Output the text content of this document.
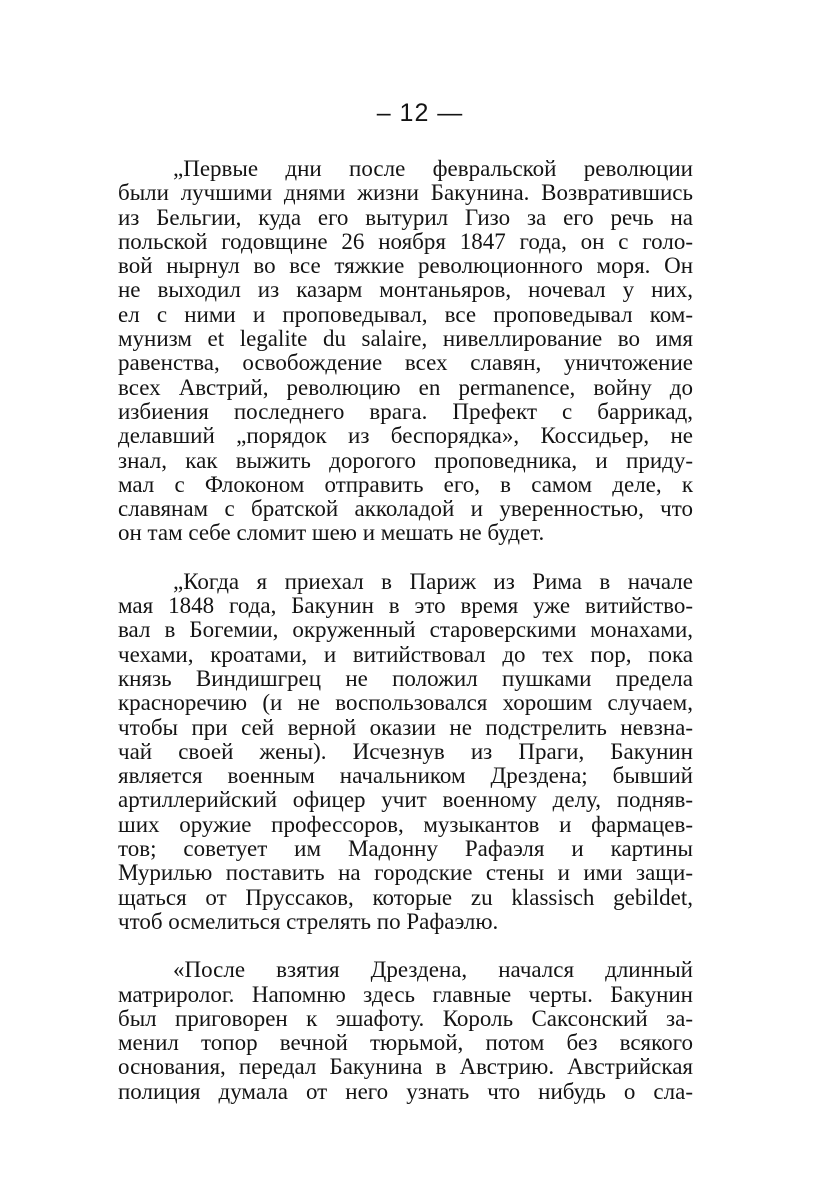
– 12 —
„Первые дни после февральской революции
были лучшими днями жизни Бакунина. Возвратившись
из Бельгии, куда его вытурил Гизо за его речь на
польской годовщине 26 ноября 1847 года, он с голо-
вой нырнул во все тяжкие революционного моря. Он
не выходил из казарм монтаньяров, ночевал у них,
ел с ними и проповедывал, все проповедывал ком-
мунизм et legalite du salaire, нивеллирование во имя
равенства, освобождение всех славян, уничтожение
всех Австрий, революцию en permanence, войну до
избиения последнего врага. Префект с баррикад,
делавший „порядок из беспорядка», Коссидьер, не
знал, как выжить дорогого проповедника, и приду-
мал с Флоконом отправить его, в самом деле, к
славянам с братской акколадой и уверенностью, что
он там себе сломит шею и мешать не будет.
„Когда я приехал в Париж из Рима в начале
мая 1848 года, Бакунин в это время уже витийство-
вал в Богемии, окруженный староверскими монахами,
чехами, кроатами, и витийствовал до тех пор, пока
князь Виндишгрец не положил пушками предела
красноречию (и не воспользовался хорошим случаем,
чтобы при сей верной оказии не подстрелить невзна-
чай своей жены). Исчезнув из Праги, Бакунин
является военным начальником Дрездена; бывший
артиллерийский офицер учит военному делу, подняв-
ших оружие профессоров, музыкантов и фармацев-
тов; советует им Мадонну Рафаэля и картины
Мурилью поставить на городские стены и ими защи-
щаться от Пруссаков, которые zu klassisch gebildet,
чтоб осмелиться стрелять по Рафаэлю.
«После взятия Дрездена, начался длинный
матриролог. Напомню здесь главные черты. Бакунин
был приговорен к эшафоту. Король Саксонский за-
менил топор вечной тюрьмой, потом без всякого
основания, передал Бакунина в Австрию. Австрийская
полиция думала от него узнать что нибудь о сла-
